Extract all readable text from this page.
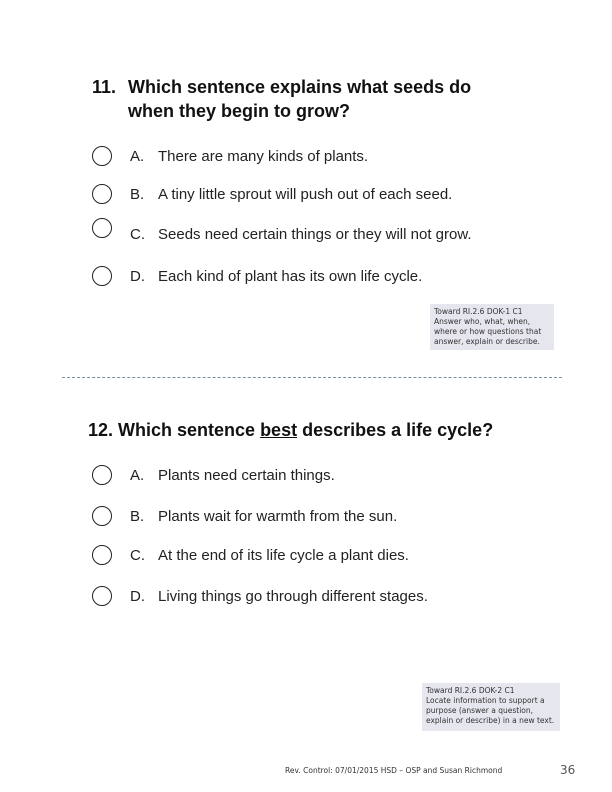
11. Which sentence explains what seeds do
when they begin to grow?
A. There are many kinds of plants.
B. A tiny little sprout will push out of each seed.
C. Seeds need certain things or they will not grow.
D. Each kind of plant has its own life cycle.
Toward RI.2.6 DOK-1 C1
Answer who, what, when,
where or how questions that
answer, explain or describe.
12. Which sentence best describes a life cycle?
A. Plants need certain things.
B. Plants wait for warmth from the sun.
C. At the end of its life cycle a plant dies.
D. Living things go through different stages.
Toward RI.2.6 DOK-2 C1
Locate information to support a
purpose (answer a question,
explain or describe) in a new text.
Rev. Control: 07/01/2015 HSD – OSP and Susan Richmond	36
